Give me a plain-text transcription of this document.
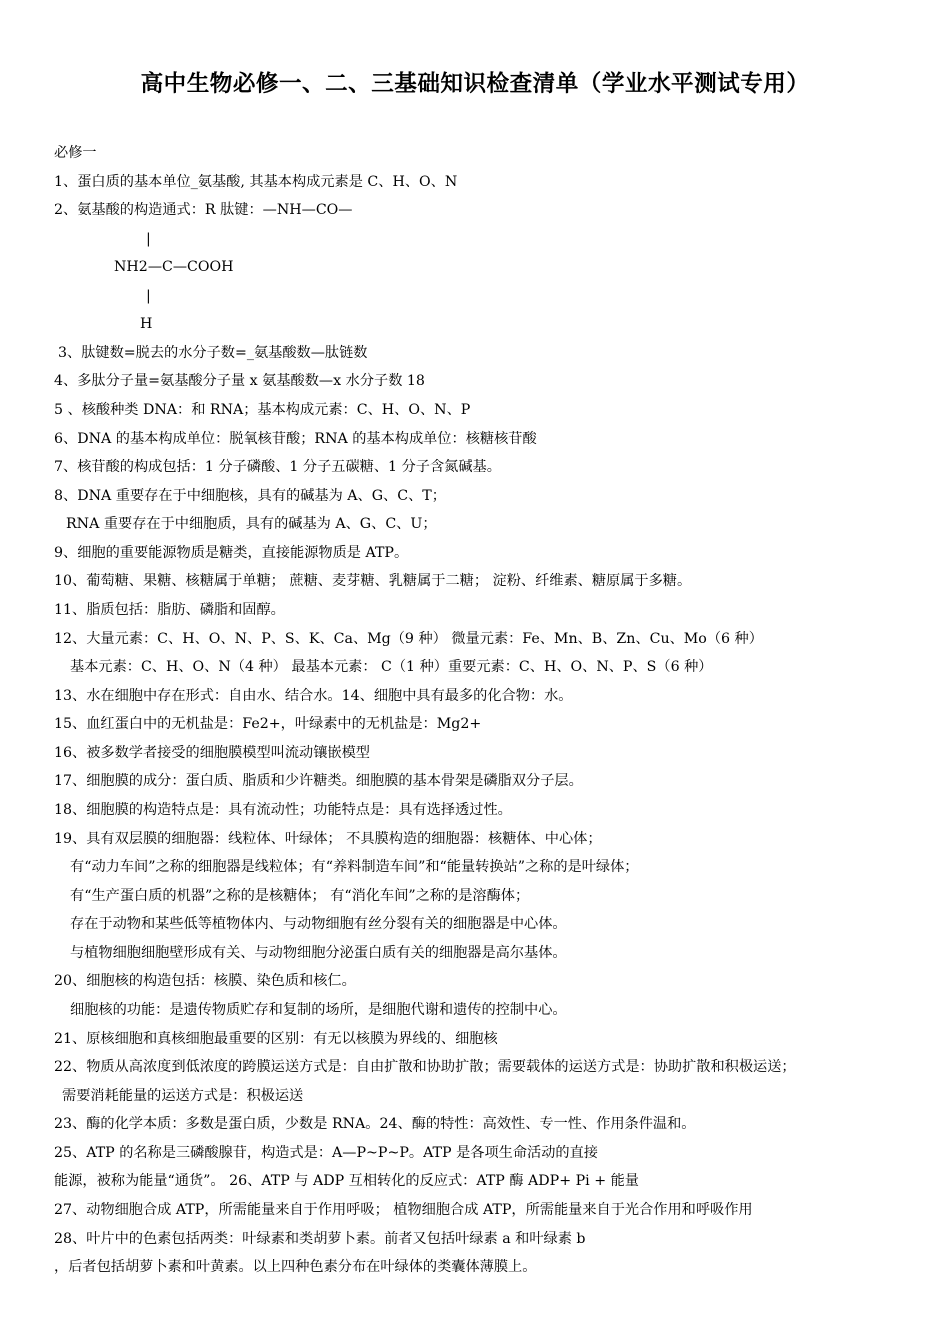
高中生物必修一、二、三基础知识检查清单（学业水平测试专用）
必修一
1、蛋白质的基本单位_氨基酸, 其基本构成元素是 C、H、O、N
2、氨基酸的构造通式：R 肽键：—NH—CO—
|
NH2—C—COOH
|
H
3、肽键数=脱去的水分子数=_氨基酸数—肽链数
4、多肽分子量=氨基酸分子量 x 氨基酸数—x 水分子数 18
5 、核酸种类 DNA：和 RNA；基本构成元素：C、H、O、N、P
6、DNA 的基本构成单位：脱氧核苷酸；RNA 的基本构成单位：核糖核苷酸
7、核苷酸的构成包括：1 分子磷酸、1 分子五碳糖、1 分子含氮碱基。
8、DNA 重要存在于中细胞核，具有的碱基为 A、G、C、T；
RNA 重要存在于中细胞质，具有的碱基为 A、G、C、U；
9、细胞的重要能源物质是糖类，直接能源物质是 ATP。
10、葡萄糖、果糖、核糖属于单糖； 蔗糖、麦芽糖、乳糖属于二糖； 淀粉、纤维素、糖原属于多糖。
11、脂质包括：脂肪、磷脂和固醇。
12、大量元素：C、H、O、N、P、S、K、Ca、Mg（9 种） 微量元素：Fe、Mn、B、Zn、Cu、Mo（6 种）
基本元素：C、H、O、N（4 种） 最基本元素： C（1 种）重要元素：C、H、O、N、P、S（6 种）
13、水在细胞中存在形式：自由水、结合水。14、细胞中具有最多的化合物：水。
15、血红蛋白中的无机盐是：Fe2+，叶绿素中的无机盐是：Mg2+
16、被多数学者接受的细胞膜模型叫流动镶嵌模型
17、细胞膜的成分：蛋白质、脂质和少许糖类。细胞膜的基本骨架是磷脂双分子层。
18、细胞膜的构造特点是：具有流动性；功能特点是：具有选择透过性。
19、具有双层膜的细胞器：线粒体、叶绿体； 不具膜构造的细胞器：核糖体、中心体；
有“动力车间”之称的细胞器是线粒体；有“养料制造车间”和“能量转换站”之称的是叶绿体；
有“生产蛋白质的机器”之称的是核糖体； 有“消化车间”之称的是溶酶体；
存在于动物和某些低等植物体内、与动物细胞有丝分裂有关的细胞器是中心体。
与植物细胞细胞壁形成有关、与动物细胞分泌蛋白质有关的细胞器是高尔基体。
20、细胞核的构造包括：核膜、染色质和核仁。
细胞核的功能：是遗传物质贮存和复制的场所，是细胞代谢和遗传的控制中心。
21、原核细胞和真核细胞最重要的区别：有无以核膜为界线的、细胞核
22、物质从高浓度到低浓度的跨膜运送方式是：自由扩散和协助扩散；需要载体的运送方式是：协助扩散和积极运送；
需要消耗能量的运送方式是：积极运送
23、酶的化学本质：多数是蛋白质，少数是 RNA。24、酶的特性：高效性、专一性、作用条件温和。
25、ATP 的名称是三磷酸腺苷，构造式是：A—P~P~P。ATP 是各项生命活动的直接
能源，被称为能量“通货”。 26、ATP 与 ADP 互相转化的反应式：ATP 酶 ADP+ Pi + 能量
27、动物细胞合成 ATP，所需能量来自于作用呼吸； 植物细胞合成 ATP，所需能量来自于光合作用和呼吸作用
28、叶片中的色素包括两类：叶绿素和类胡萝卜素。前者又包括叶绿素 a 和叶绿素 b
，后者包括胡萝卜素和叶黄素。以上四种色素分布在叶绿体的类囊体薄膜上。
